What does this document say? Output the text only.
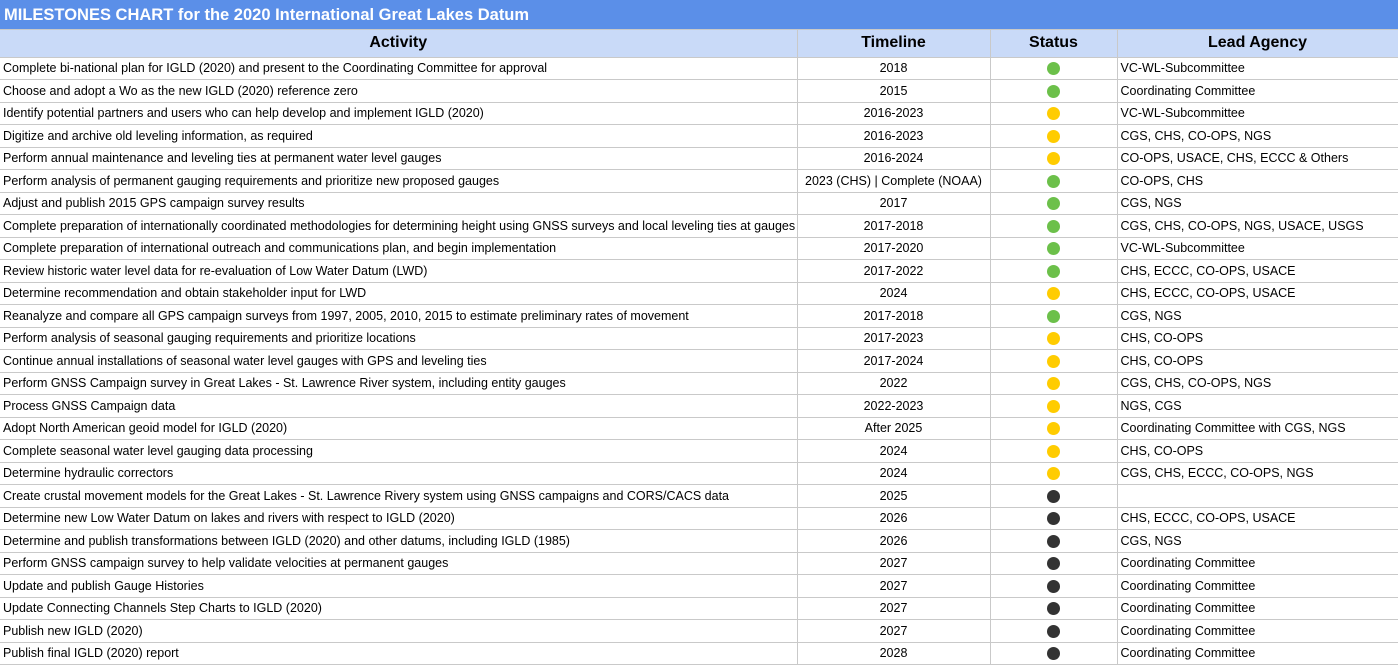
MILESTONES CHART for the 2020 International Great Lakes Datum
Activity	Timeline	Status	Lead Agency
Complete bi-national plan for IGLD (2020) and present to the Coordinating Committee for approval	2018		VC-WL-Subcommittee
Choose and adopt a Wo as the new IGLD (2020) reference zero	2015		Coordinating Committee
Identify potential partners and users who can help develop and implement IGLD (2020)	2016-2023		VC-WL-Subcommittee
Digitize and archive old leveling information, as required	2016-2023		CGS, CHS, CO-OPS, NGS
Perform annual maintenance and leveling ties at permanent water level gauges	2016-2024		CO-OPS, USACE, CHS, ECCC & Others
Perform analysis of permanent gauging requirements and prioritize new proposed gauges	2023 (CHS) | Complete (NOAA)		CO-OPS, CHS
Adjust and publish 2015 GPS campaign survey results	2017		CGS, NGS
Complete preparation of internationally coordinated methodologies for determining height using GNSS surveys and local leveling ties at gauges	2017-2018		CGS, CHS, CO-OPS, NGS, USACE, USGS
Complete preparation of international outreach and communications plan, and begin implementation	2017-2020		VC-WL-Subcommittee
Review historic water level data for re-evaluation of Low Water Datum (LWD)	2017-2022		CHS, ECCC, CO-OPS, USACE
Determine recommendation and obtain stakeholder input for LWD	2024		CHS, ECCC, CO-OPS, USACE
Reanalyze and compare all GPS campaign surveys from 1997, 2005, 2010, 2015 to estimate preliminary rates of movement	2017-2018		CGS, NGS
Perform analysis of seasonal gauging requirements and prioritize locations	2017-2023		CHS, CO-OPS
Continue annual installations of seasonal water level gauges with GPS and leveling ties	2017-2024		CHS, CO-OPS
Perform GNSS Campaign survey in Great Lakes - St. Lawrence River system, including entity gauges	2022		CGS, CHS, CO-OPS, NGS
Process GNSS Campaign data	2022-2023		NGS, CGS
Adopt North American geoid model for IGLD (2020)	After 2025		Coordinating Committee with CGS, NGS
Complete seasonal water level gauging data processing	2024		CHS, CO-OPS
Determine hydraulic correctors	2024		CGS, CHS, ECCC, CO-OPS, NGS
Create crustal movement models for the Great Lakes - St. Lawrence Rivery system using GNSS campaigns and CORS/CACS data	2025		
Determine new Low Water Datum on lakes and rivers with respect to IGLD (2020)	2026		CHS, ECCC, CO-OPS, USACE
Determine and publish transformations between IGLD (2020) and other datums, including IGLD (1985)	2026		CGS, NGS
Perform GNSS campaign survey to help validate velocities at permanent gauges	2027		Coordinating Committee
Update and publish Gauge Histories	2027		Coordinating Committee
Update Connecting Channels Step Charts to IGLD (2020)	2027		Coordinating Committee
Publish new IGLD (2020)	2027		Coordinating Committee
Publish final IGLD (2020) report	2028		Coordinating Committee
